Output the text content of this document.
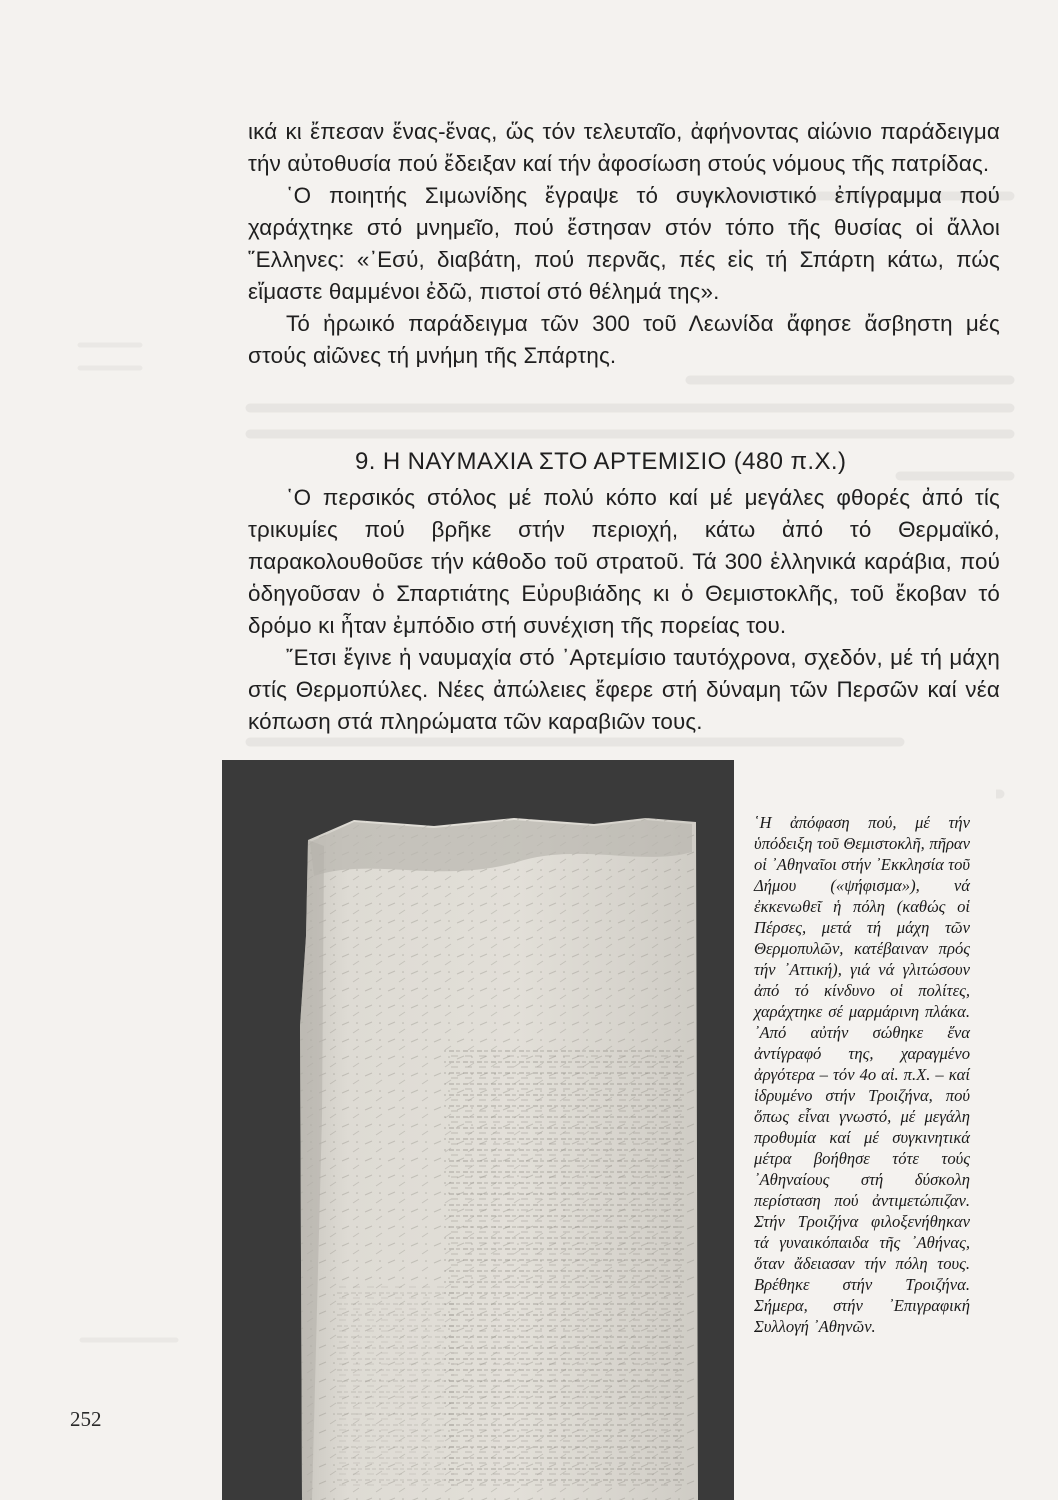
ικά κι ἔπεσαν ἕνας-ἕνας, ὥς τόν τελευταῖο, ἀφήνοντας αἰώνιο παράδειγμα τήν αὐτοθυσία πού ἔδειξαν καί τήν ἀφοσίωση στούς νόμους τῆς πατρίδας.

῾Ο ποιητής Σιμωνίδης ἔγραψε τό συγκλονιστικό ἐπίγραμμα πού χαράχτηκε στό μνημεῖο, πού ἔστησαν στόν τόπο τῆς θυσίας οἱ ἄλλοι ῞Ελληνες: «᾿Εσύ, διαβάτη, πού περνᾶς, πές εἰς τή Σπάρτη κάτω, πώς εἴμαστε θαμμένοι ἐδῶ, πιστοί στό θέλημά της».

Τό ἡρωικό παράδειγμα τῶν 300 τοῦ Λεωνίδα ἄφησε ἄσβηστη μές στούς αἰῶνες τή μνήμη τῆς Σπάρτης.

9. Η ΝΑΥΜΑΧΙΑ ΣΤΟ ΑΡΤΕΜΙΣΙΟ (480 π.Χ.)

῾Ο περσικός στόλος μέ πολύ κόπο καί μέ μεγάλες φθορές ἀπό τίς τρικυμίες πού βρῆκε στήν περιοχή, κάτω ἀπό τό Θερμαϊκό, παρακολουθοῦσε τήν κάθοδο τοῦ στρατοῦ. Τά 300 ἑλληνικά καράβια, πού ὁδηγοῦσαν ὁ Σπαρτιάτης Εὐρυβιάδης κι ὁ Θεμιστοκλῆς, τοῦ ἔκοβαν τό δρόμο κι ἦταν ἐμπόδιο στή συνέχιση τῆς πορείας του.

῎Ετσι ἔγινε ἡ ναυμαχία στό ᾿Αρτεμίσιο ταυτόχρονα, σχεδόν, μέ τή μάχη στίς Θερμοπύλες. Νέες ἀπώλειες ἔφερε στή δύναμη τῶν Περσῶν καί νέα κόπωση στά πληρώματα τῶν καραβιῶν τους.

῾Η ἀπόφαση πού, μέ τήν ὑπόδειξη τοῦ Θεμιστοκλῆ, πῆραν οἱ ᾿Αθηναῖοι στήν ᾿Εκκλησία τοῦ Δήμου («ψήφισμα»), νά ἐκκενωθεῖ ἡ πόλη (καθώς οἱ Πέρσες, μετά τή μάχη τῶν Θερμοπυλῶν, κατέβαιναν πρός τήν ᾿Αττική), γιά νά γλιτώσουν ἀπό τό κίνδυνο οἱ πολίτες, χαράχτηκε σέ μαρμάρινη πλάκα. ᾿Από αὐτήν σώθηκε ἕνα ἀντίγραφό της, χαραγμένο ἀργότερα – τόν 4ο αἰ. π.Χ. – καί ἱδρυμένο στήν Τροιζήνα, πού ὅπως εἶναι γνωστό, μέ μεγάλη προθυμία καί μέ συγκινητικά μέτρα βοήθησε τότε τούς ᾿Αθηναίους στή δύσκολη περίσταση πού ἀντιμετώπιζαν. Στήν Τροιζήνα φιλοξενήθηκαν τά γυναικόπαιδα τῆς ᾿Αθήνας, ὅταν ἄδειασαν τήν πόλη τους. Βρέθηκε στήν Τροιζήνα. Σήμερα, στήν ᾿Επιγραφική Συλλογή ᾿Αθηνῶν.

252
